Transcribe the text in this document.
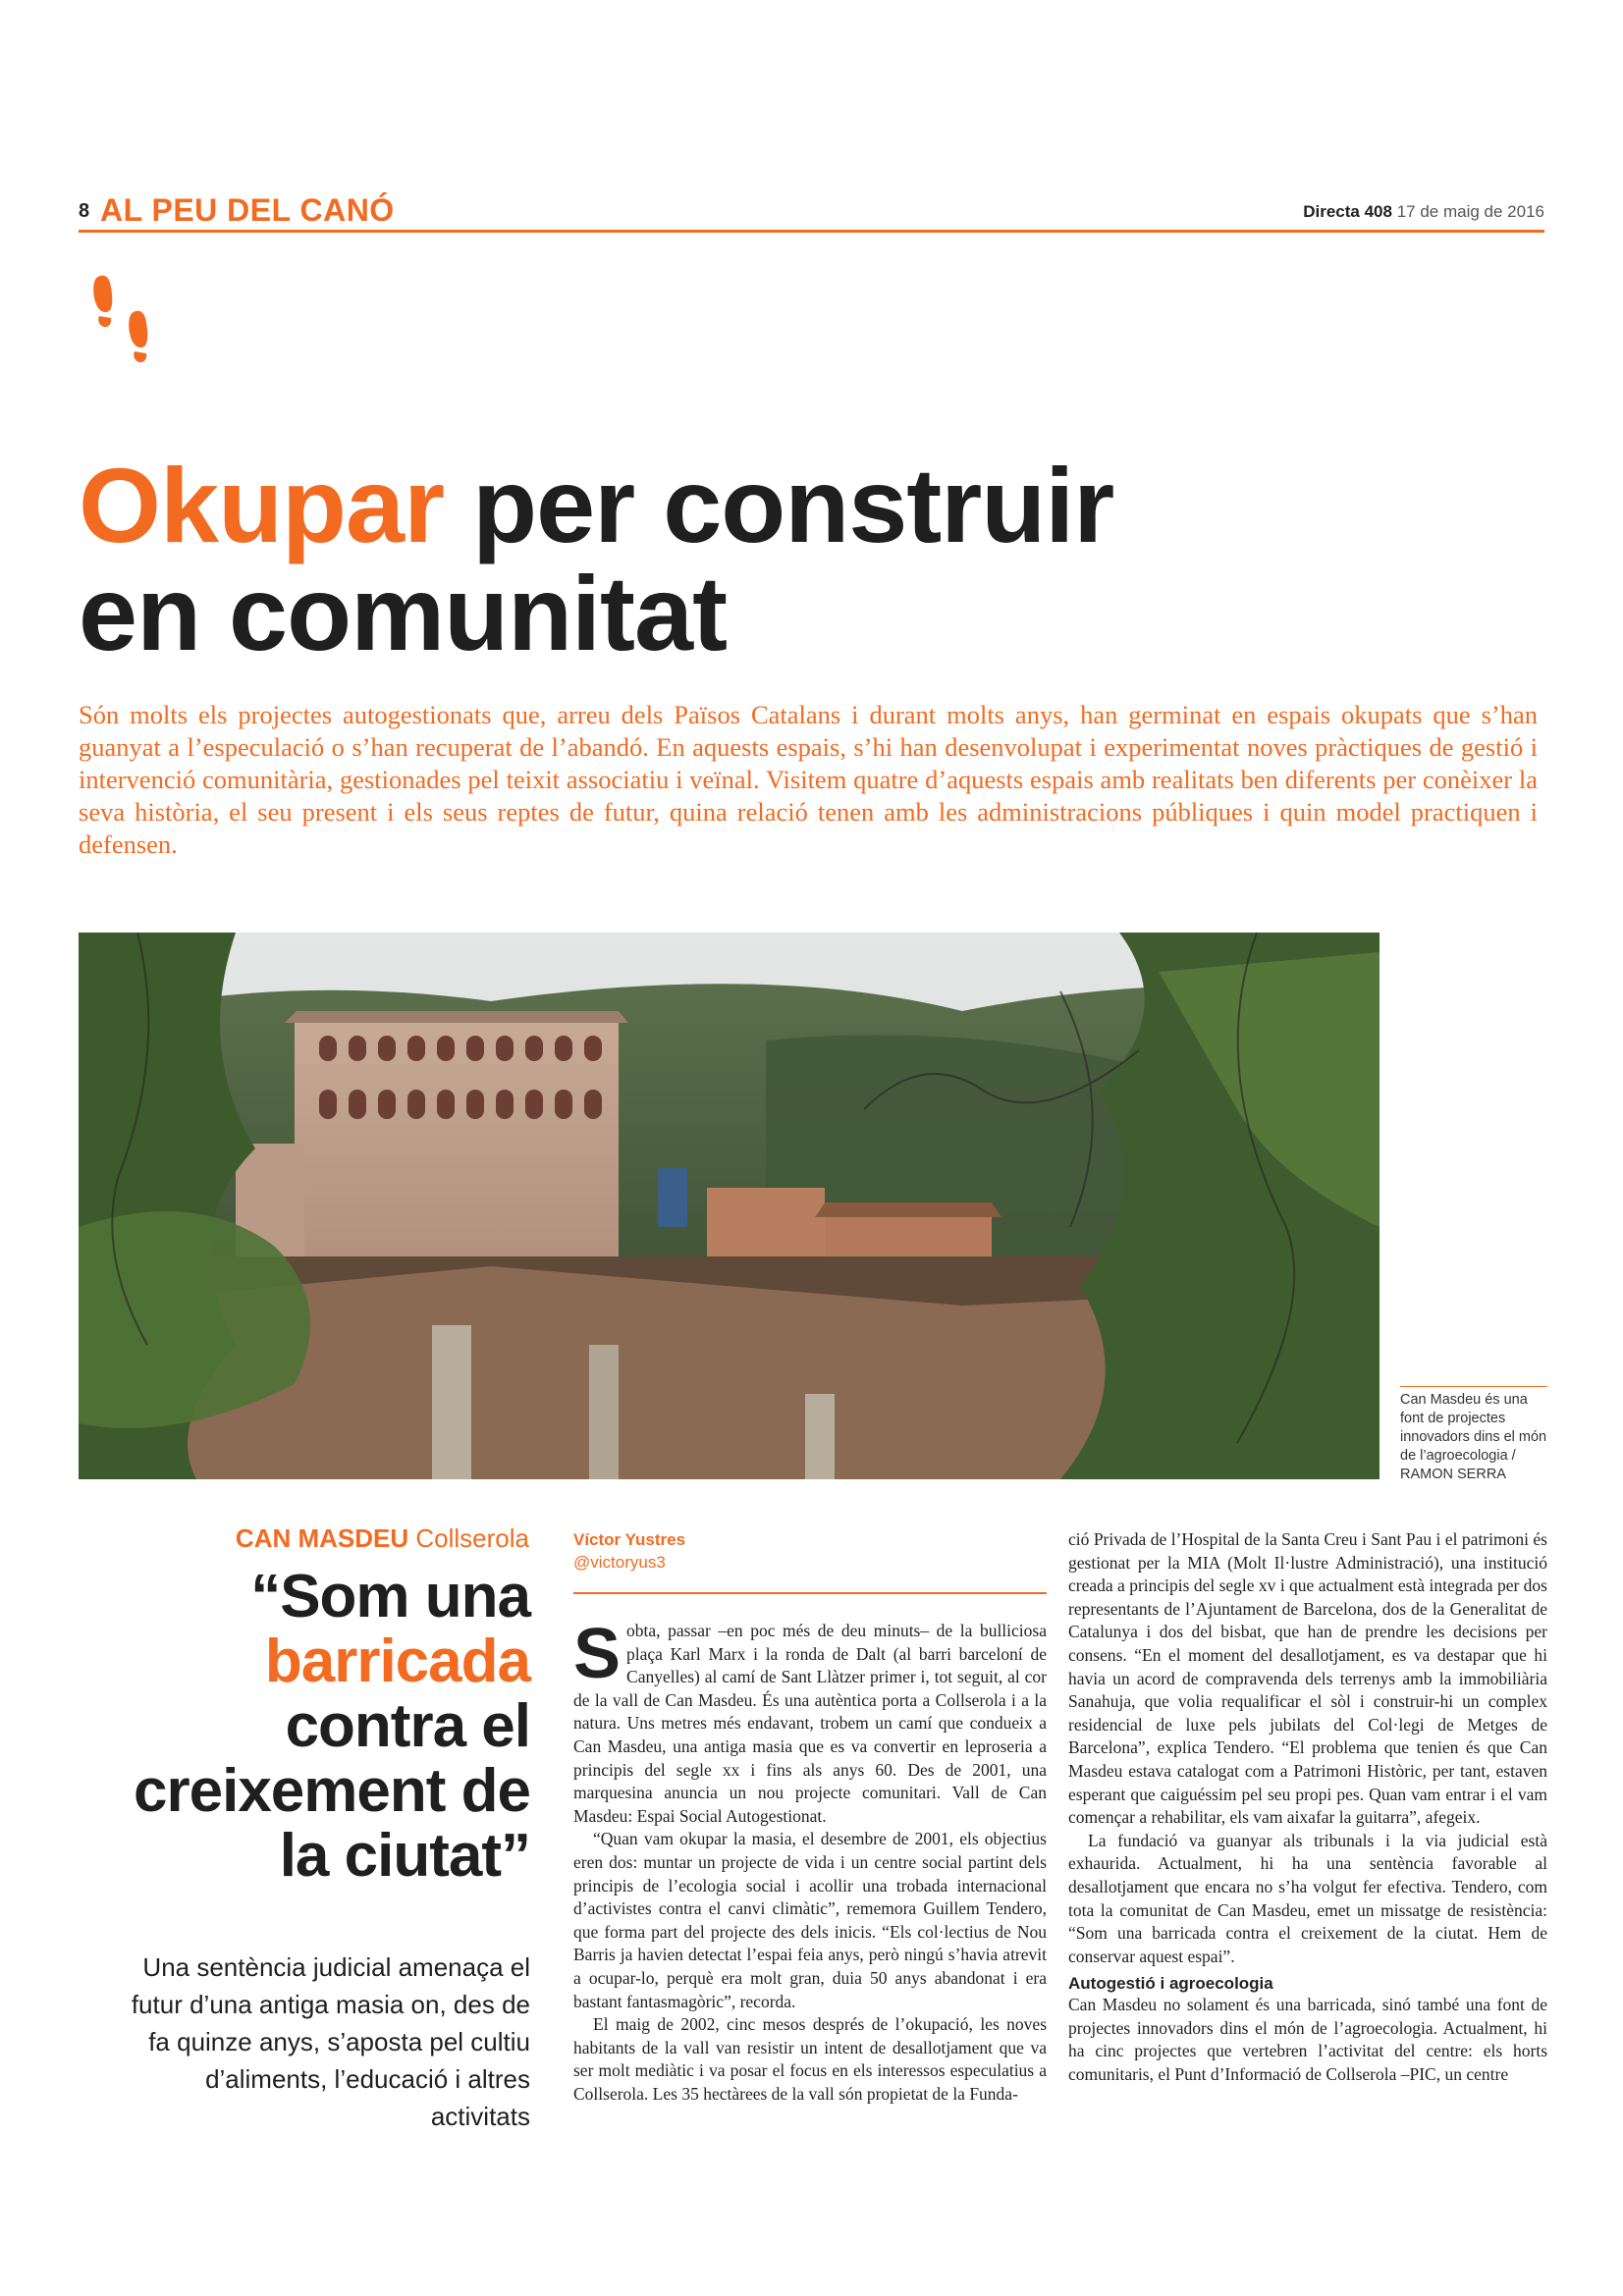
8 AL PEU DEL CANÓ	Directa 408 17 de maig de 2016
Okupar per construir
en comunitat

Són molts els projectes autogestionats que, arreu dels Països Catalans i durant molts anys, han germinat en espais okupats que s’han guanyat a l’especulació o s’han recuperat de l’abandó. En aquests espais, s’hi han desenvolupat i experimentat noves pràctiques de gestió i intervenció comunitària, gestionades pel teixit associatiu i veïnal. Visitem quatre d’aquests espais amb realitats ben diferents per conèixer la seva història, el seu present i els seus reptes de futur, quina relació tenen amb les administracions públiques i quin model practiquen i defensen.

Can Masdeu és una font de projectes innovadors dins el món de l’agroecologia / RAMON SERRA

CAN MASDEU Collserola
“Som una
barricada contra el creixement de la ciutat”

Una sentència judicial amenaça el futur d’una antiga masia on, des de fa quinze anys, s’aposta pel cultiu d’aliments, l’educació i altres activitats

Víctor Yustres
@victoryus3

Sobta, passar –en poc més de deu minuts– de la bulliciosa plaça Karl Marx i la ronda de Dalt (al barri barceloní de Canyelles) al camí de Sant Llàtzer primer i, tot seguit, al cor de la vall de Can Masdeu. És una autèntica porta a Collserola i a la natura. Uns metres més endavant, trobem un camí que condueix a Can Masdeu, una antiga masia que es va convertir en leproseria a principis del segle xx i fins als anys 60. Des de 2001, una marquesina anuncia un nou projecte comunitari. Vall de Can Masdeu: Espai Social Autogestionat.

“Quan vam okupar la masia, el desembre de 2001, els objectius eren dos: muntar un projecte de vida i un centre social partint dels principis de l’ecologia social i acollir una trobada internacional d’activistes contra el canvi climàtic”, rememora Guillem Tendero, que forma part del projecte des dels inicis. “Els col·lectius de Nou Barris ja havien detectat l’espai feia anys, però ningú s’havia atrevit a ocupar-lo, perquè era molt gran, duia 50 anys abandonat i era bastant fantasmagòric”, recorda.

El maig de 2002, cinc mesos després de l’okupació, les noves habitants de la vall van resistir un intent de desallotjament que va ser molt mediàtic i va posar el focus en els interessos especulatius a Collserola. Les 35 hectàrees de la vall són propietat de la Funda-

ció Privada de l’Hospital de la Santa Creu i Sant Pau i el patrimoni és gestionat per la MIA (Molt Il·lustre Administració), una institució creada a principis del segle xv i que actualment està integrada per dos representants de l’Ajuntament de Barcelona, dos de la Generalitat de Catalunya i dos del bisbat, que han de prendre les decisions per consens. “En el moment del desallotjament, es va destapar que hi havia un acord de compravenda dels terrenys amb la immobiliària Sanahuja, que volia requalificar el sòl i construir-hi un complex residencial de luxe pels jubilats del Col·legi de Metges de Barcelona”, explica Tendero. “El problema que tenien és que Can Masdeu estava catalogat com a Patrimoni Històric, per tant, estaven esperant que caiguéssim pel seu propi pes. Quan vam entrar i el vam començar a rehabilitar, els vam aixafar la guitarra”, afegeix.

La fundació va guanyar als tribunals i la via judicial està exhaurida. Actualment, hi ha una sentència favorable al desallotjament que encara no s’ha volgut fer efectiva. Tendero, com tota la comunitat de Can Masdeu, emet un missatge de resistència: “Som una barricada contra el creixement de la ciutat. Hem de conservar aquest espai”.

Autogestió i agroecologia

Can Masdeu no solament és una barricada, sinó també una font de projectes innovadors dins el món de l’agroecologia. Actualment, hi ha cinc projectes que vertebren l’activitat del centre: els horts comunitaris, el Punt d’Informació de Collserola –PIC, un centre
